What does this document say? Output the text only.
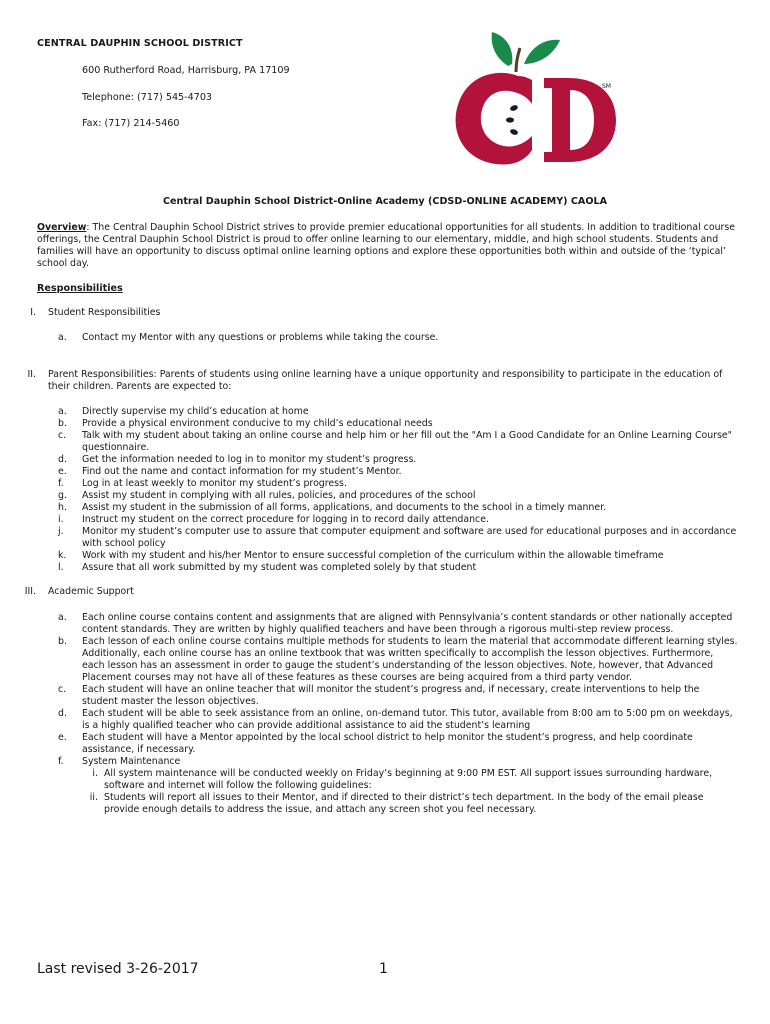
CENTRAL DAUPHIN SCHOOL DISTRICT
600 Rutherford Road, Harrisburg, PA 17109
Telephone: (717) 545-4703
Fax: (717) 214-5460
SM
Central Dauphin School District-Online Academy (CDSD-ONLINE ACADEMY) CAOLA
Overview: The Central Dauphin School District strives to provide premier educational opportunities for all students. In addition to traditional course offerings, the Central Dauphin School District is proud to offer online learning to our elementary, middle, and high school students. Students and families will have an opportunity to discuss optimal online learning options and explore these opportunities both within and outside of the ‘typical’ school day.
Responsibilities
I. Student Responsibilities
a.	Contact my Mentor with any questions or problems while taking the course.
II. Parent Responsibilities: Parents of students using online learning have a unique opportunity and responsibility to participate in the education of their children. Parents are expected to:
a.	Directly supervise my child’s education at home
b.	Provide a physical environment conducive to my child’s educational needs
c.	Talk with my student about taking an online course and help him or her fill out the "Am I a Good Candidate for an Online Learning Course" questionnaire.
d.	Get the information needed to log in to monitor my student’s progress.
e.	Find out the name and contact information for my student’s Mentor.
f.	Log in at least weekly to monitor my student’s progress.
g.	Assist my student in complying with all rules, policies, and procedures of the school
h.	Assist my student in the submission of all forms, applications, and documents to the school in a timely manner.
i.	Instruct my student on the correct procedure for logging in to record daily attendance.
j.	Monitor my student’s computer use to assure that computer equipment and software are used for educational purposes and in accordance with school policy
k.	Work with my student and his/her Mentor to ensure successful completion of the curriculum within the allowable timeframe
l.	Assure that all work submitted by my student was completed solely by that student
III. Academic Support
a.	Each online course contains content and assignments that are aligned with Pennsylvania’s content standards or other nationally accepted content standards. They are written by highly qualified teachers and have been through a rigorous multi-step review process.
b.	Each lesson of each online course contains multiple methods for students to learn the material that accommodate different learning styles. Additionally, each online course has an online textbook that was written specifically to accomplish the lesson objectives. Furthermore, each lesson has an assessment in order to gauge the student’s understanding of the lesson objectives. Note, however, that Advanced Placement courses may not have all of these features as these courses are being acquired from a third party vendor.
c.	Each student will have an online teacher that will monitor the student’s progress and, if necessary, create interventions to help the student master the lesson objectives.
d.	Each student will be able to seek assistance from an online, on-demand tutor. This tutor, available from 8:00 am to 5:00 pm on weekdays, is a highly qualified teacher who can provide additional assistance to aid the student’s learning
e.	Each student will have a Mentor appointed by the local school district to help monitor the student’s progress, and help coordinate assistance, if necessary.
f.	System Maintenance
i. All system maintenance will be conducted weekly on Friday’s beginning at 9:00 PM EST. All support issues surrounding hardware, software and internet will follow the following guidelines:
ii. Students will report all issues to their Mentor, and if directed to their district’s tech department. In the body of the email please provide enough details to address the issue, and attach any screen shot you feel necessary.
Last revised 3-26-2017	1
